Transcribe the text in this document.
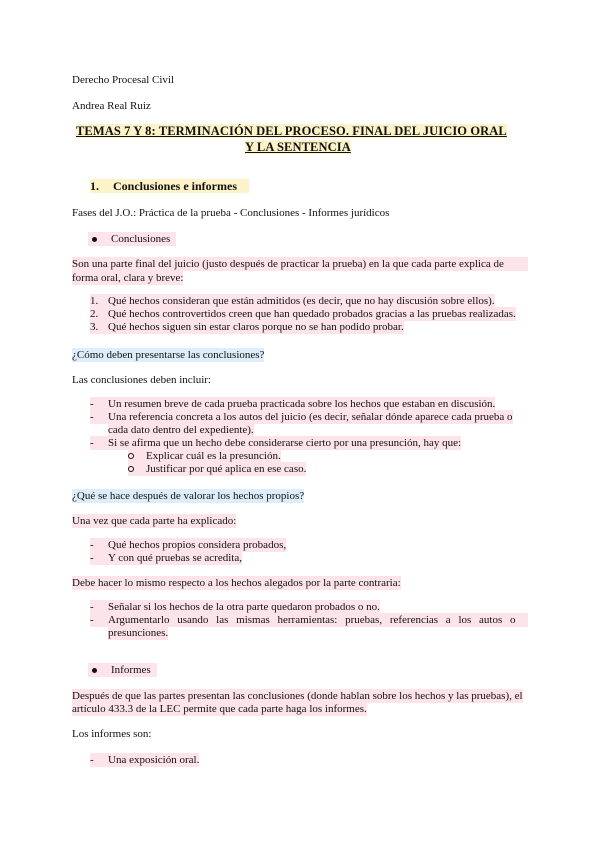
Derecho Procesal Civil
Andrea Real Ruiz
TEMAS 7 Y 8: TERMINACIÓN DEL PROCESO. FINAL DEL JUICIO ORAL
Y LA SENTENCIA
1. Conclusiones e informes
Fases del J.O.: Práctica de la prueba - Conclusiones - Informes jurídicos
Conclusiones
Son una parte final del juicio (justo después de practicar la prueba) en la que cada parte explica de
forma oral, clara y breve:
1. Qué hechos consideran que están admitidos (es decir, que no hay discusión sobre ellos).
2. Qué hechos controvertidos creen que han quedado probados gracias a las pruebas realizadas.
3. Qué hechos siguen sin estar claros porque no se han podido probar.
¿Cómo deben presentarse las conclusiones?
Las conclusiones deben incluir:
- Un resumen breve de cada prueba practicada sobre los hechos que estaban en discusión.
- Una referencia concreta a los autos del juicio (es decir, señalar dónde aparece cada prueba o
cada dato dentro del expediente).
- Si se afirma que un hecho debe considerarse cierto por una presunción, hay que:
Explicar cuál es la presunción.
Justificar por qué aplica en ese caso.
¿Qué se hace después de valorar los hechos propios?
Una vez que cada parte ha explicado:
- Qué hechos propios considera probados,
- Y con qué pruebas se acredita,
Debe hacer lo mismo respecto a los hechos alegados por la parte contraria:
- Señalar si los hechos de la otra parte quedaron probados o no.
- Argumentarlo usando las mismas herramientas: pruebas, referencias a los autos o
presunciones.
Informes
Después de que las partes presentan las conclusiones (donde hablan sobre los hechos y las pruebas), el
artículo 433.3 de la LEC permite que cada parte haga los informes.
Los informes son:
- Una exposición oral.
